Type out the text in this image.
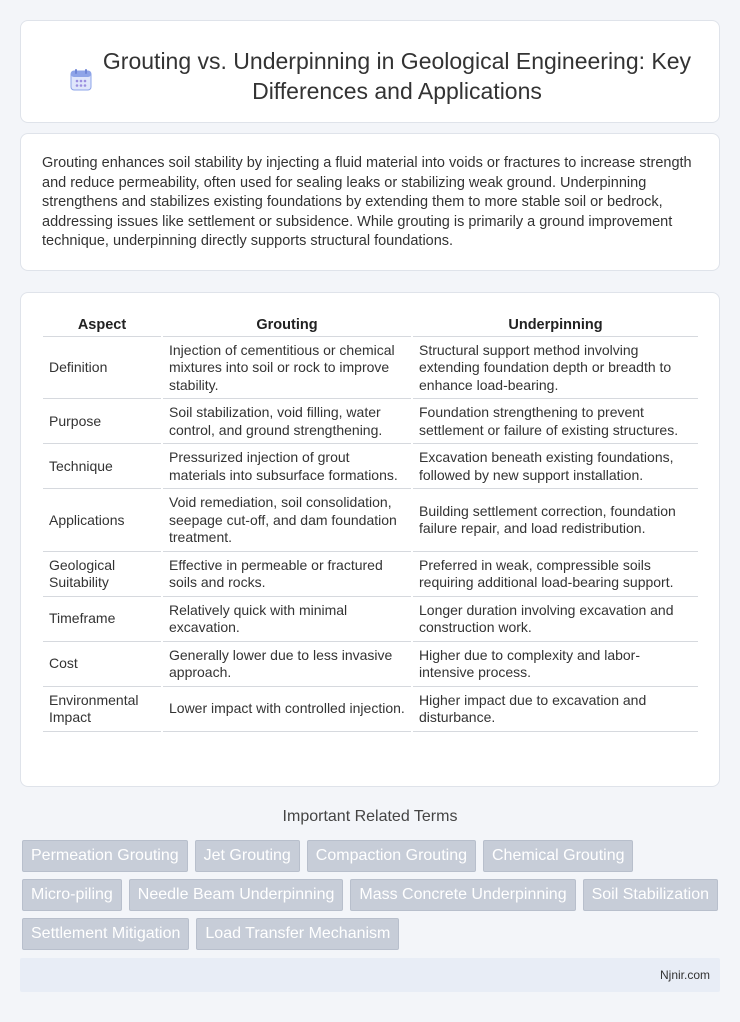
Grouting vs. Underpinning in Geological Engineering: Key Differences and Applications

Grouting enhances soil stability by injecting a fluid material into voids or fractures to increase strength and reduce permeability, often used for sealing leaks or stabilizing weak ground. Underpinning strengthens and stabilizes existing foundations by extending them to more stable soil or bedrock, addressing issues like settlement or subsidence. While grouting is primarily a ground improvement technique, underpinning directly supports structural foundations.

Aspect	Grouting	Underpinning
Definition	Injection of cementitious or chemical mixtures into soil or rock to improve stability.	Structural support method involving extending foundation depth or breadth to enhance load-bearing.
Purpose	Soil stabilization, void filling, water control, and ground strengthening.	Foundation strengthening to prevent settlement or failure of existing structures.
Technique	Pressurized injection of grout materials into subsurface formations.	Excavation beneath existing foundations, followed by new support installation.
Applications	Void remediation, soil consolidation, seepage cut-off, and dam foundation treatment.	Building settlement correction, foundation failure repair, and load redistribution.
Geological Suitability	Effective in permeable or fractured soils and rocks.	Preferred in weak, compressible soils requiring additional load-bearing support.
Timeframe	Relatively quick with minimal excavation.	Longer duration involving excavation and construction work.
Cost	Generally lower due to less invasive approach.	Higher due to complexity and labor-intensive process.
Environmental Impact	Lower impact with controlled injection.	Higher impact due to excavation and disturbance.
Important Related Terms
Permeation Grouting	Jet Grouting	Compaction Grouting	Chemical Grouting
Micro-piling	Needle Beam Underpinning	Mass Concrete Underpinning	Soil Stabilization
Settlement Mitigation	Load Transfer Mechanism
Njnir.com
